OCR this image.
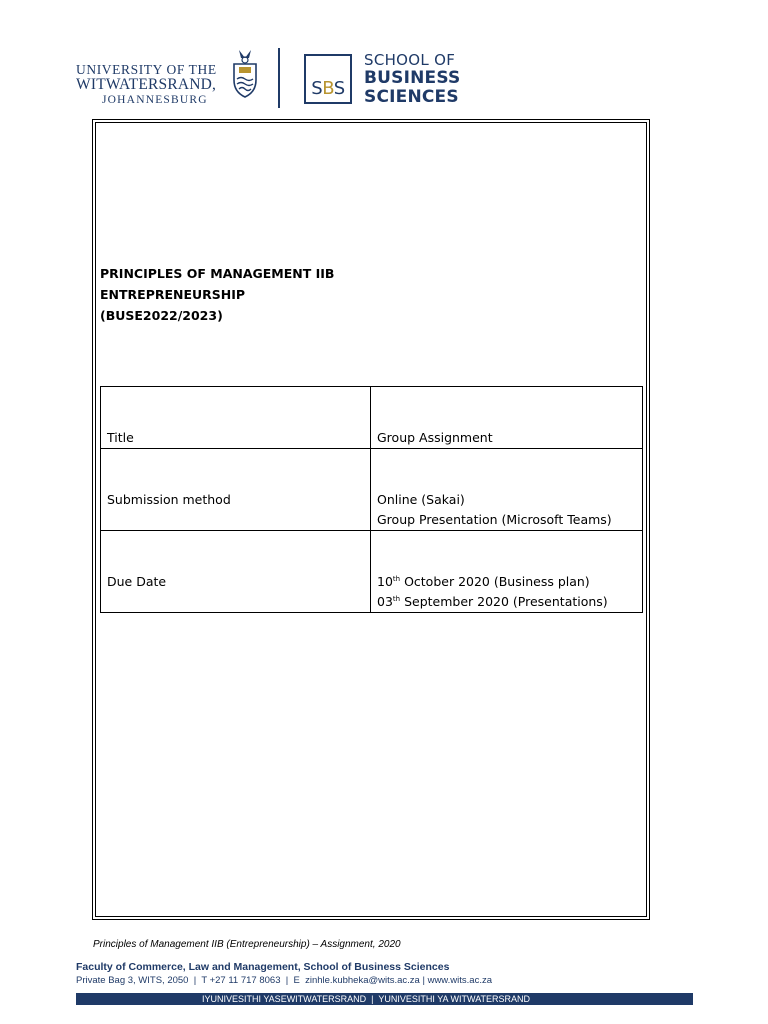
UNIVERSITY OF THE
WITWATERSRAND,
JOHANNESBURG
SBS
SCHOOL OF
BUSINESS
SCIENCES
PRINCIPLES OF MANAGEMENT IIB
ENTREPRENEURSHIP
(BUSE2022/2023)
Title	Group Assignment

Submission method	Online (Sakai)
Group Presentation (Microsoft Teams)

Due Date	10th October 2020 (Business plan)
03th September 2020 (Presentations)
Principles of Management IIB (Entrepreneurship) – Assignment, 2020
Faculty of Commerce, Law and Management, School of Business Sciences
Private Bag 3, WITS, 2050  |  T +27 11 717 8063  |  E  zinhle.kubheka@wits.ac.za | www.wits.ac.za
IYUNIVESITHI YASEWITWATERSRAND  |  YUNIVESITHI YA WITWATERSRAND
